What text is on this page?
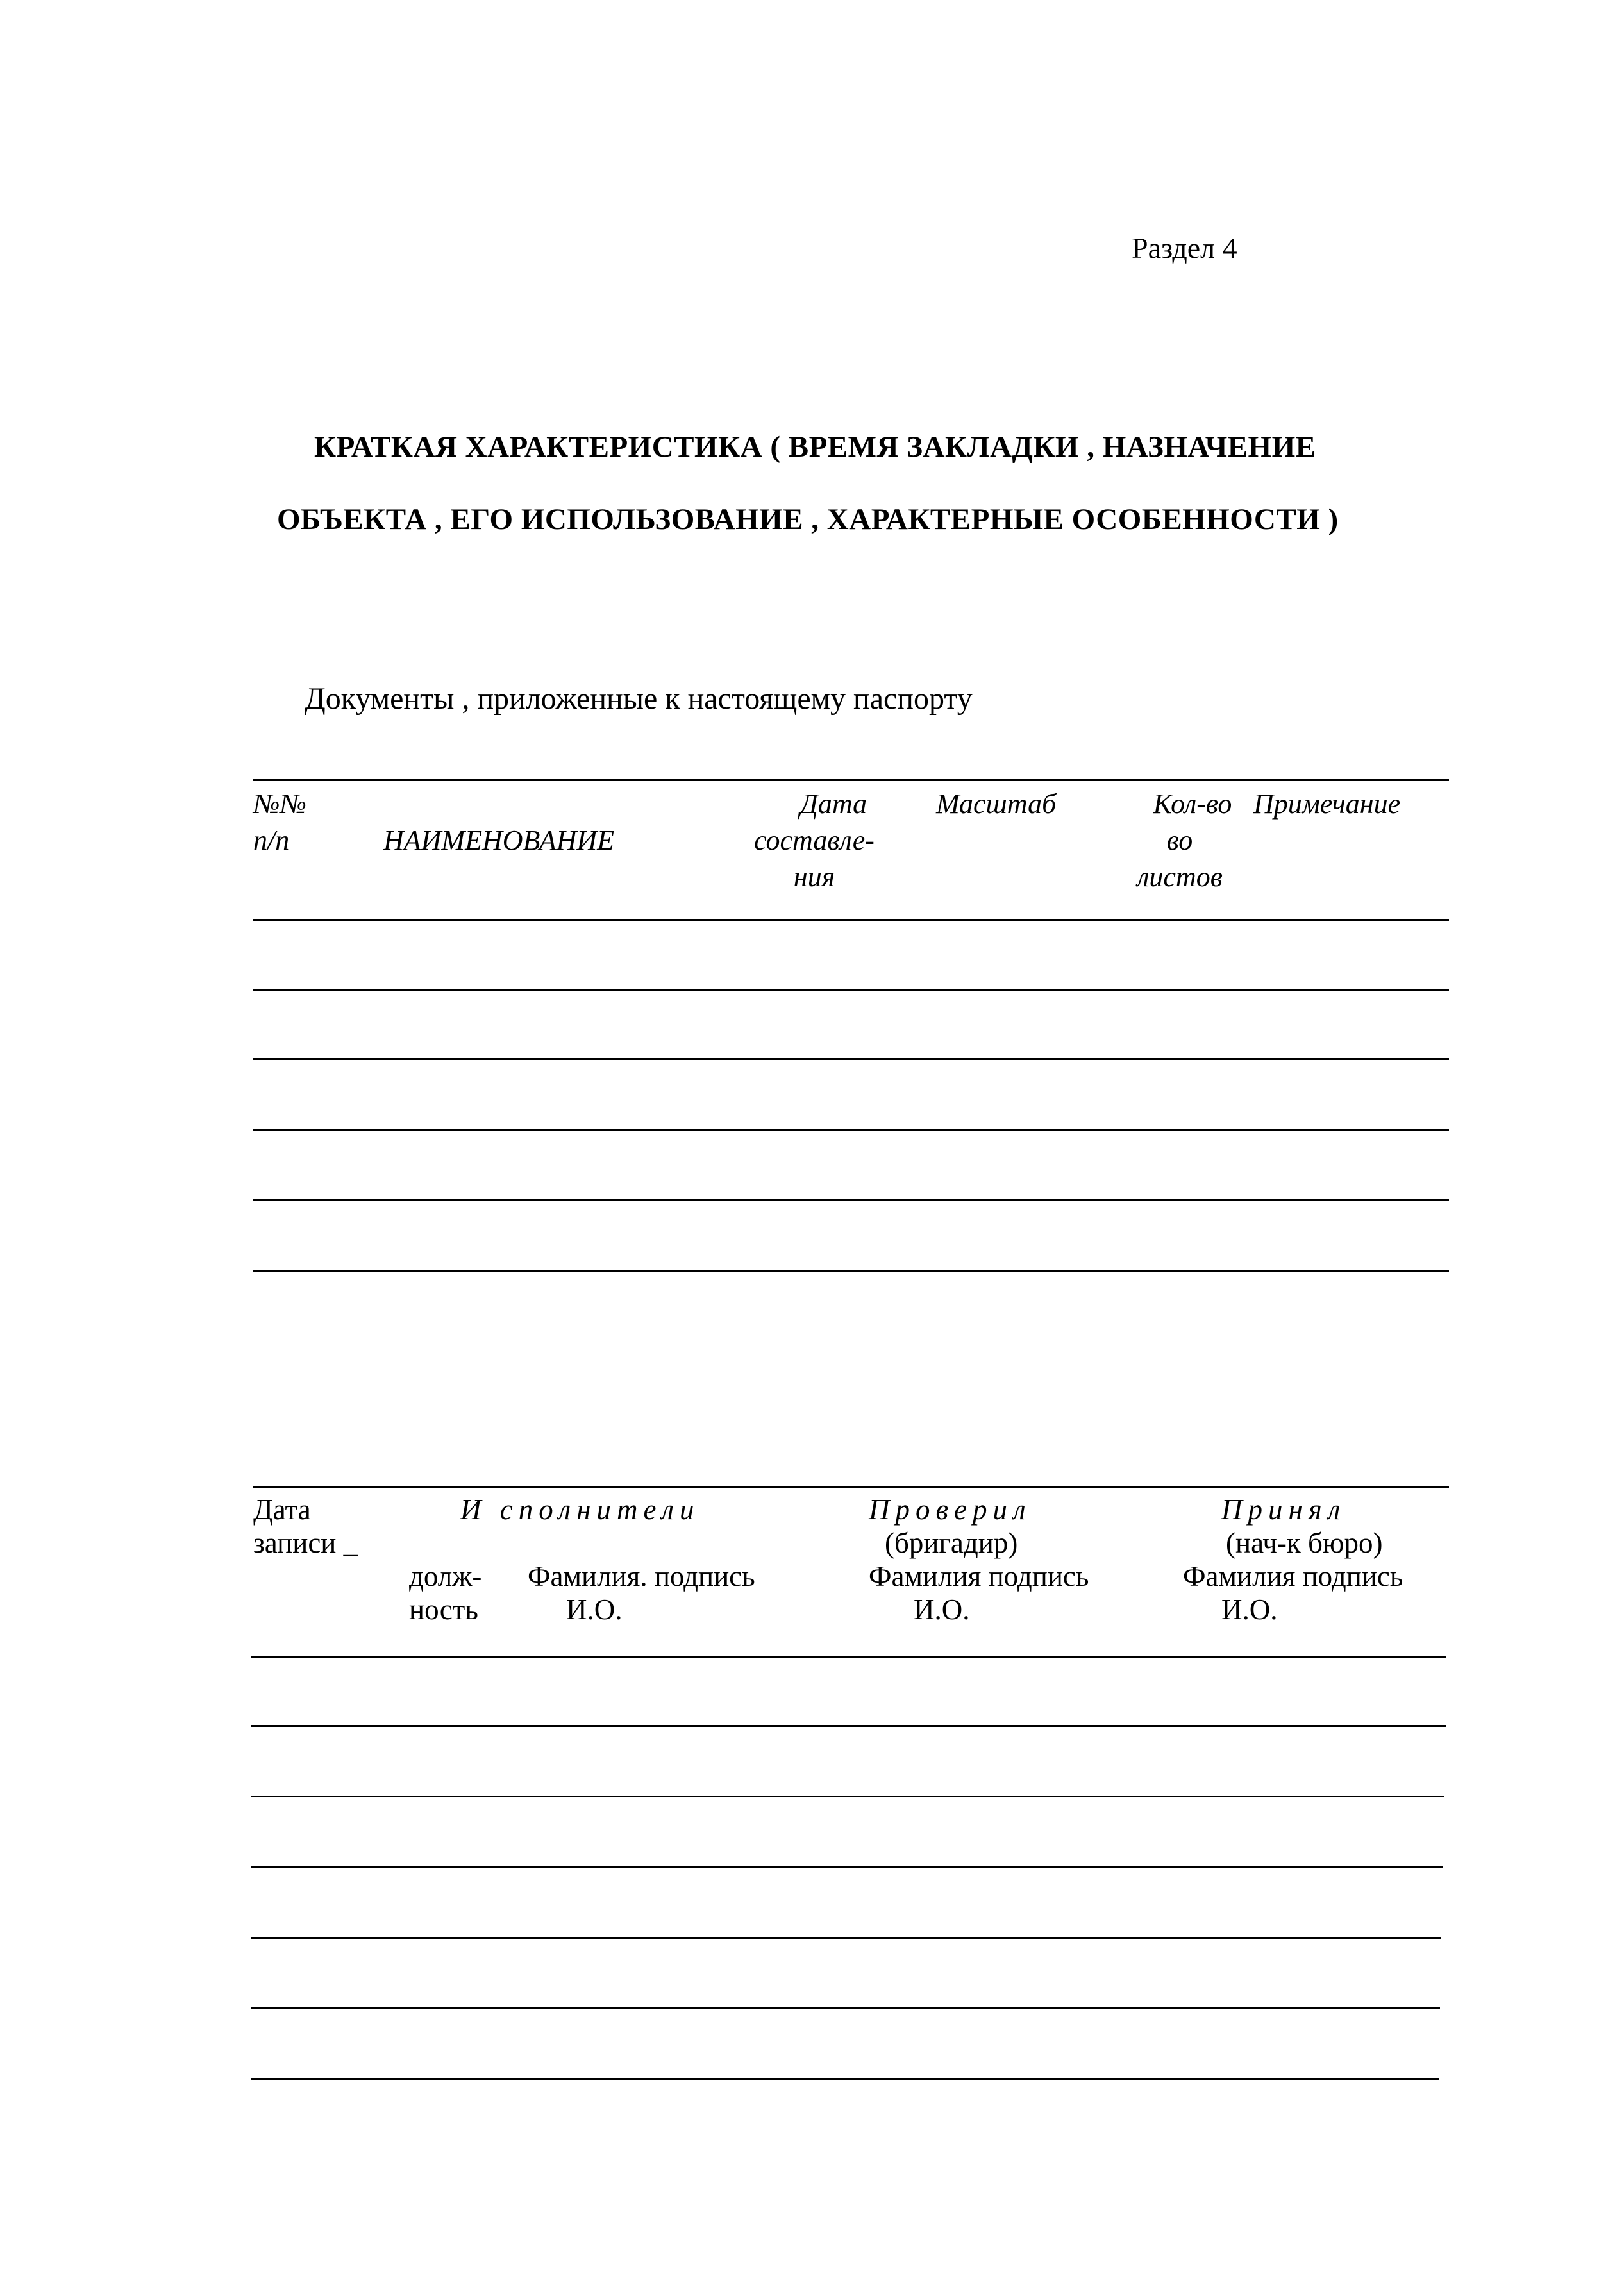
Раздел 4
КРАТКАЯ ХАРАКТЕРИСТИКА ( ВРЕМЯ ЗАКЛАДКИ , НАЗНАЧЕНИЕ
ОБЪЕКТА , ЕГО ИСПОЛЬЗОВАНИЕ , ХАРАКТЕРНЫЕ ОСОБЕННОСТИ )
Документы , приложенные к настоящему паспорту
№№
п/п	НАИМЕНОВАНИЕ
Дата
составле-
ния
Масштаб	Кол-во
во
листов
Примечание
Дата
записи _
И сполнители
долж-
ность
Фамилия. подпись
И.О.
Проверил
(бригадир)
Фамилия подпись
И.О.
Принял
(нач-к бюро)
Фамилия подпись
И.О.
